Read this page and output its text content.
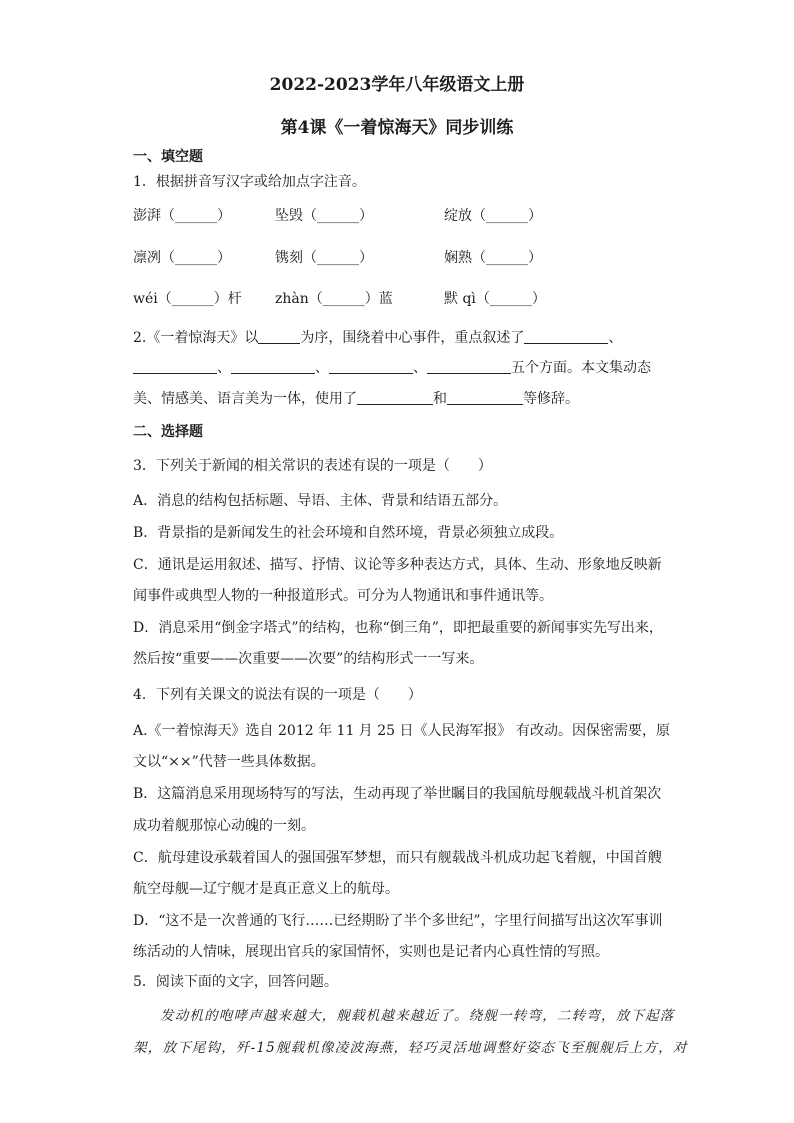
2022-2023学年八年级语文上册
第4课《一着惊海天》同步训练
一、填空题
1．根据拼音写汉字或给加点字注音。
澎湃（______）	坠毁（______）	绽放（______）
凛冽（______）	镌刻（______）	娴熟（______）
wéi（______）杆 zhàn（______）蓝	默 qì（______）
2.《一着惊海天》以	为序，围绕着中心事件，重点叙述了	、
、	、	、	五个方面。本文集动态
美、情感美、语言美为一体，使用了	和	等修辞。
二、选择题
3．下列关于新闻的相关常识的表述有误的一项是（　　）
A．消息的结构包括标题、导语、主体、背景和结语五部分。
B．背景指的是新闻发生的社会环境和自然环境，背景必须独立成段。
C．通讯是运用叙述、描写、抒情、议论等多种表达方式，具体、生动、形象地反映新
闻事件或典型人物的一种报道形式。可分为人物通讯和事件通讯等。
D．消息采用“倒金字塔式”的结构，也称“倒三角”，即把最重要的新闻事实先写出来，
然后按“重要——次重要——次要”的结构形式一一写来。
4．下列有关课文的说法有误的一项是（　　）
A.《一着惊海天》选自 2012 年 11 月 25 日《人民海军报》 有改动。因保密需要，原
文以“××”代替一些具体数据。
B．这篇消息采用现场特写的写法，生动再现了举世瞩目的我国航母舰载战斗机首架次
成功着舰那惊心动魄的一刻。
C．航母建设承载着国人的强国强军梦想，而只有舰载战斗机成功起飞着舰，中国首艘
航空母舰—辽宁舰才是真正意义上的航母。
D．“这不是一次普通的飞行……已经期盼了半个多世纪”，字里行间描写出这次军事训
练活动的人情味，展现出官兵的家国情怀，实则也是记者内心真性情的写照。
5．阅读下面的文字，回答问题。
发动机的咆哮声越来越大，舰载机越来越近了。绕舰一转弯，二转弯，放下起落
架，放下尾钩，歼-15舰载机像凌波海燕，轻巧灵活地调整好姿态飞至舰舰后上方，对
